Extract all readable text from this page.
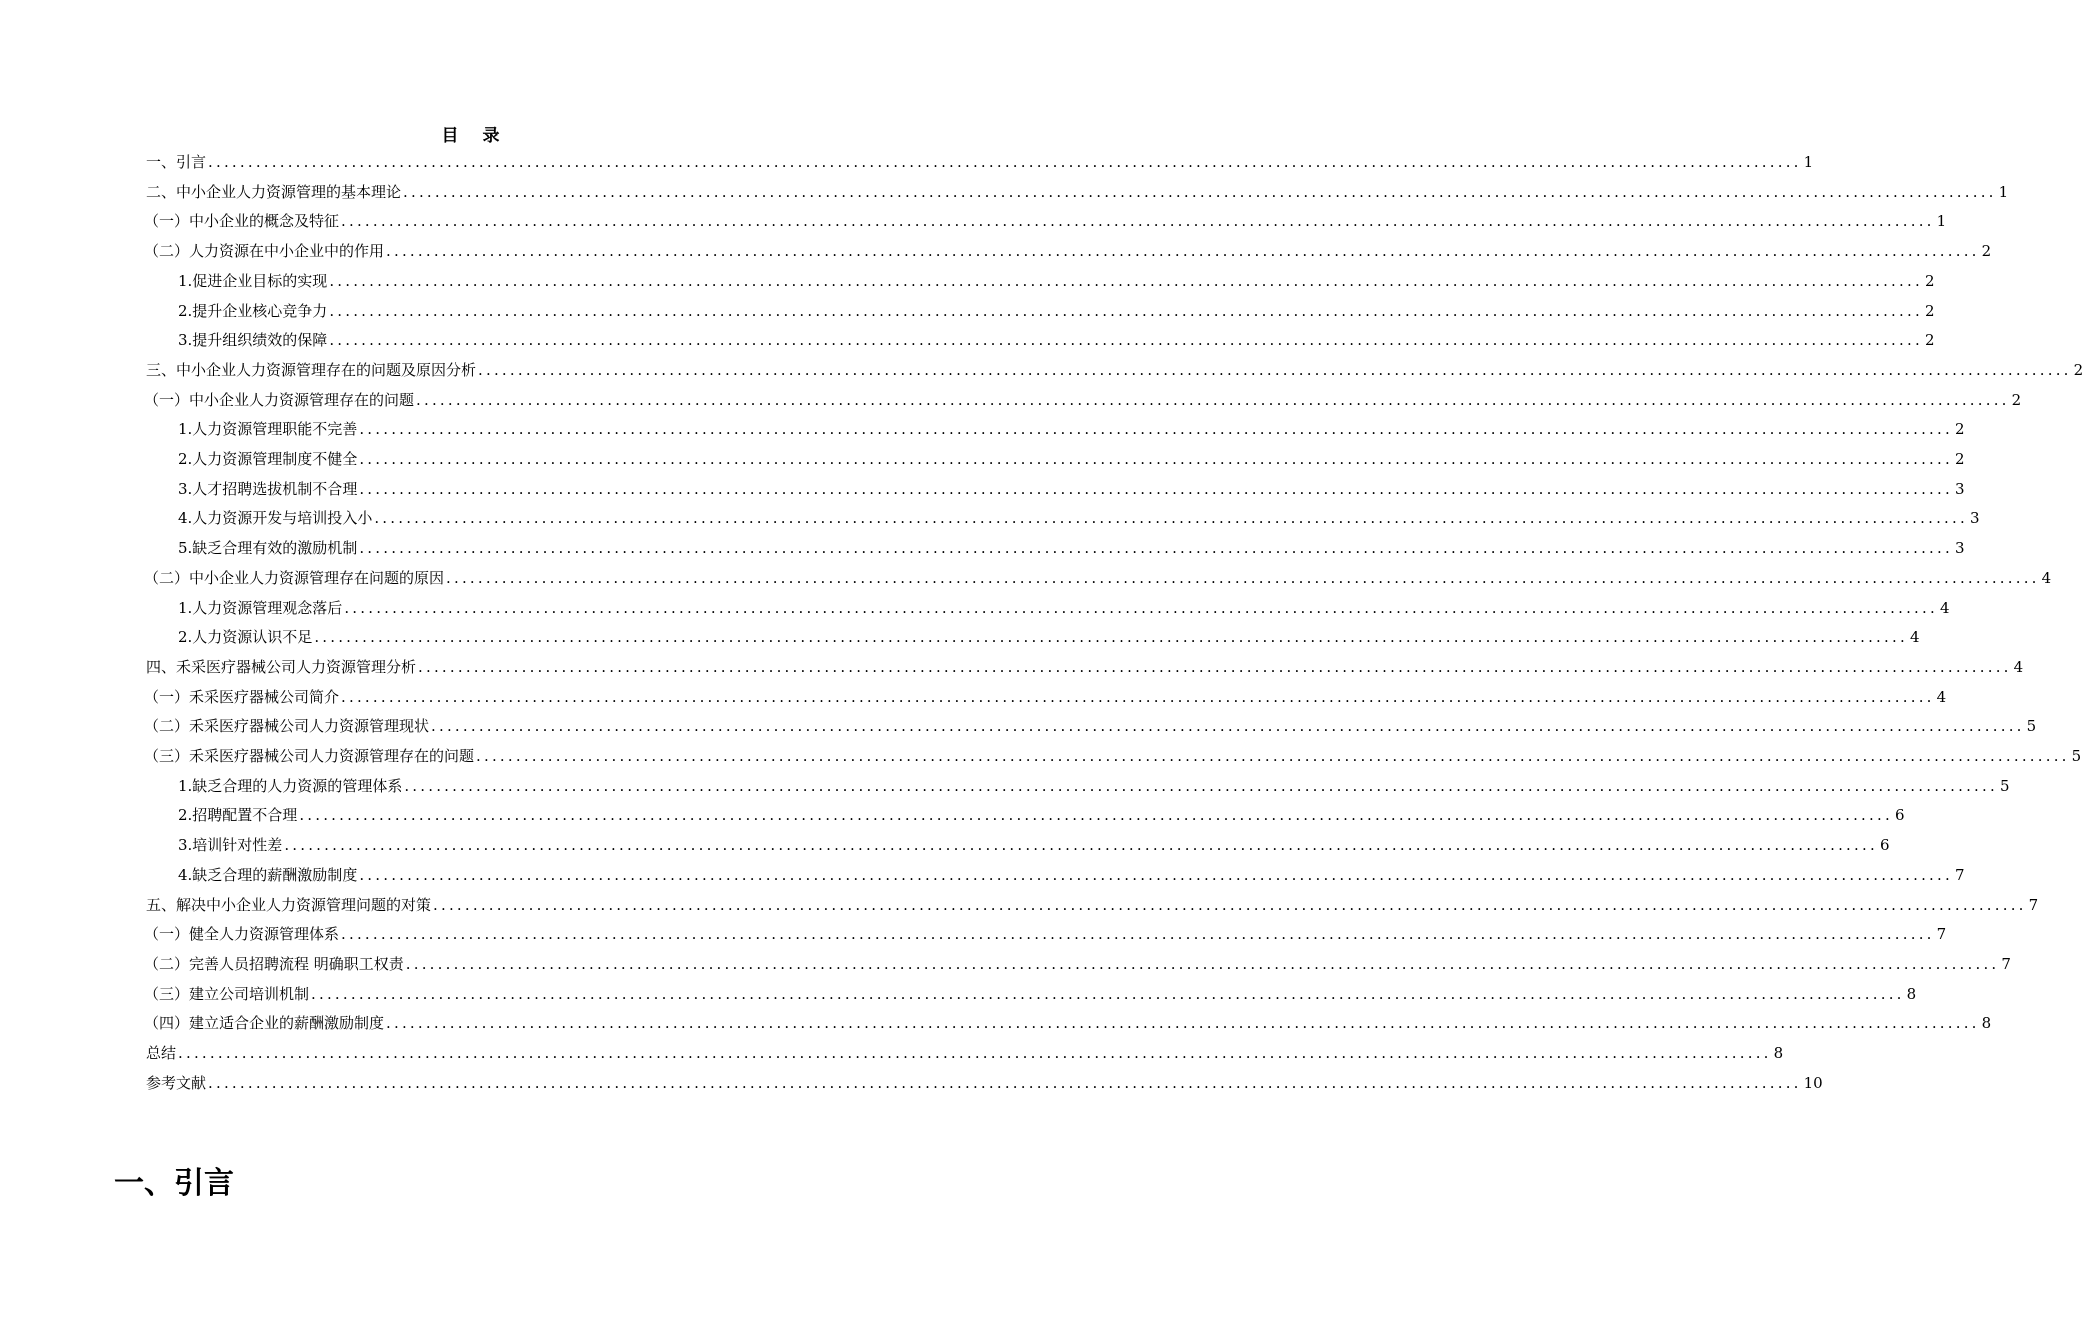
目 录
一、引言 ........................................................................................................................................................................................................ 1
二、中小企业人力资源管理的基本理论 ........................................................................................................................................................................................................ 1
（一）中小企业的概念及特征 ........................................................................................................................................................................................................ 1
（二）人力资源在中小企业中的作用 ........................................................................................................................................................................................................ 2
1.促进企业目标的实现 ........................................................................................................................................................................................................ 2
2.提升企业核心竞争力 ........................................................................................................................................................................................................ 2
3.提升组织绩效的保障 ........................................................................................................................................................................................................ 2
三、中小企业人力资源管理存在的问题及原因分析 ........................................................................................................................................................................................................ 2
（一）中小企业人力资源管理存在的问题 ........................................................................................................................................................................................................ 2
1.人力资源管理职能不完善 ........................................................................................................................................................................................................ 2
2.人力资源管理制度不健全 ........................................................................................................................................................................................................ 2
3.人才招聘选拔机制不合理 ........................................................................................................................................................................................................ 3
4.人力资源开发与培训投入小 ........................................................................................................................................................................................................ 3
5.缺乏合理有效的激励机制 ........................................................................................................................................................................................................ 3
（二）中小企业人力资源管理存在问题的原因 ........................................................................................................................................................................................................ 4
1.人力资源管理观念落后 ........................................................................................................................................................................................................ 4
2.人力资源认识不足 ........................................................................................................................................................................................................ 4
四、禾采医疗器械公司人力资源管理分析 ........................................................................................................................................................................................................ 4
（一）禾采医疗器械公司简介 ........................................................................................................................................................................................................ 4
（二）禾采医疗器械公司人力资源管理现状 ........................................................................................................................................................................................................ 5
（三）禾采医疗器械公司人力资源管理存在的问题 ........................................................................................................................................................................................................ 5
1.缺乏合理的人力资源的管理体系 ........................................................................................................................................................................................................ 5
2.招聘配置不合理 ........................................................................................................................................................................................................ 6
3.培训针对性差 ........................................................................................................................................................................................................ 6
4.缺乏合理的薪酬激励制度 ........................................................................................................................................................................................................ 7
五、解决中小企业人力资源管理问题的对策 ........................................................................................................................................................................................................ 7
（一）健全人力资源管理体系 ........................................................................................................................................................................................................ 7
（二）完善人员招聘流程 明确职工权责 ........................................................................................................................................................................................................ 7
（三）建立公司培训机制 ........................................................................................................................................................................................................ 8
（四）建立适合企业的薪酬激励制度 ........................................................................................................................................................................................................ 8
总结 ........................................................................................................................................................................................................ 8
参考文献 ........................................................................................................................................................................................................ 10
一、引言
